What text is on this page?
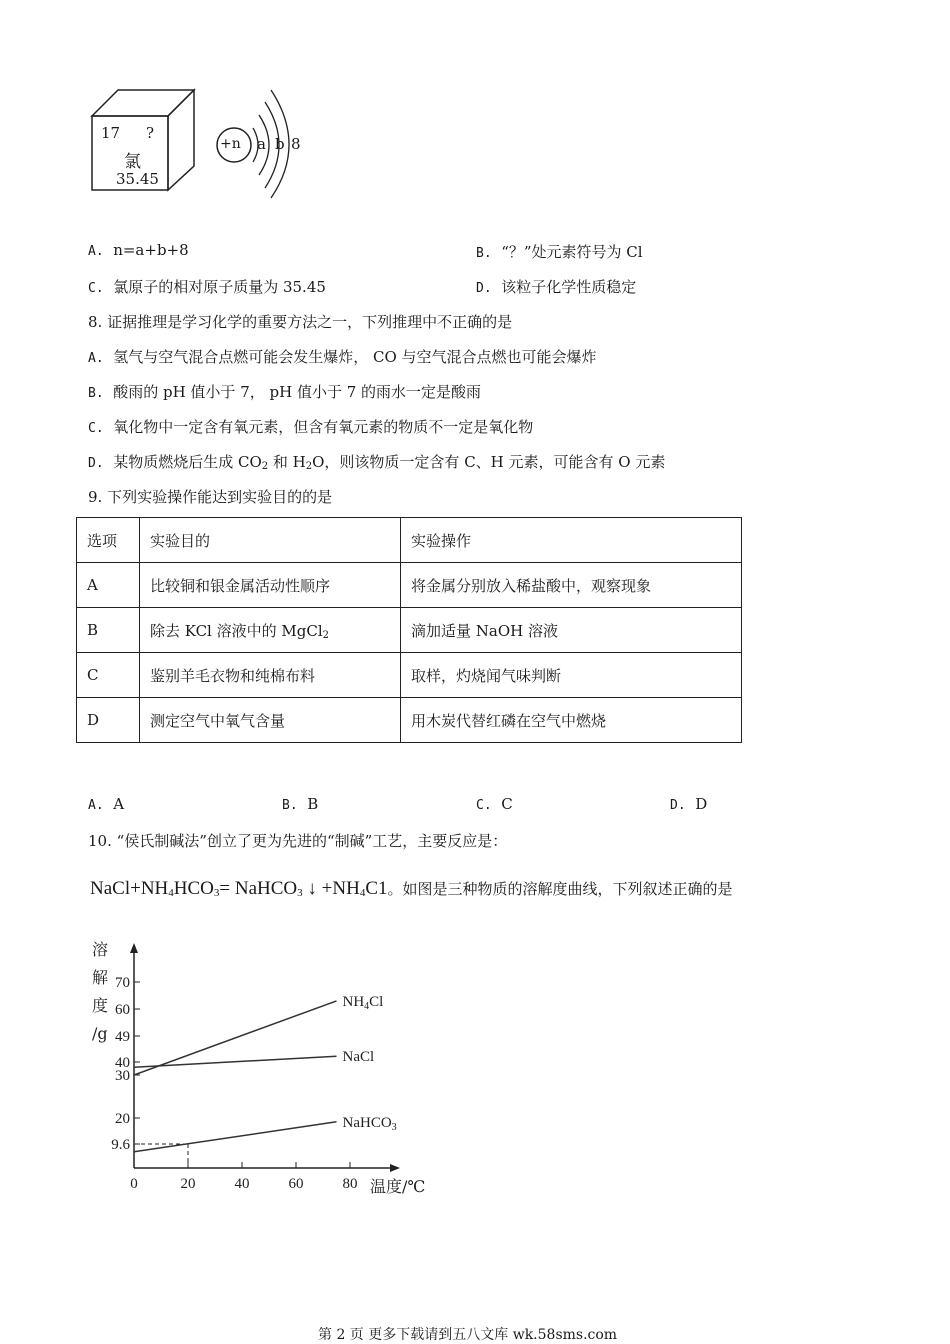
17 ?
氯
35.45
+n a b 8
A. n=a+b+8	B. “？”处元素符号为 Cl
C. 氯原子的相对原子质量为 35.45	D. 该粒子化学性质稳定
8. 证据推理是学习化学的重要方法之一，下列推理中不正确的是
A. 氢气与空气混合点燃可能会发生爆炸， CO 与空气混合点燃也可能会爆炸
B. 酸雨的 pH 值小于 7， pH 值小于 7 的雨水一定是酸雨
C. 氧化物中一定含有氧元素，但含有氧元素的物质不一定是氧化物
D. 某物质燃烧后生成 $CO_2$ 和 $H_2O$，则该物质一定含有 C、H 元素，可能含有 O 元素
9. 下列实验操作能达到实验目的的是
选项	实验目的	实验操作
A	比较铜和银金属活动性顺序	将金属分别放入稀盐酸中，观察现象
B	除去 KCl 溶液中的 MgCl$_2$	滴加适量 NaOH 溶液
C	鉴别羊毛衣物和纯棉布料	取样，灼烧闻气味判断
D	测定空气中氧气含量	用木炭代替红磷在空气中燃烧
A. A	B. B	C. C	D. D
10. “侯氏制碱法”创立了更为先进的“制碱”工艺，主要反应是：
$NaCl+NH_4HCO_3=$ NaHCO$_3$ ↓ $+NH_4C1$。如图是三种物质的溶解度曲线，下列叙述正确的是
溶
解
度
/g
70
60
49
40
30
20
9.6
0	20	40	60	80 温度/℃
$NH_4Cl$
NaCl
NaHCO$_3$
第 2 页 更多下载请到五八文库 wk.58sms.com
